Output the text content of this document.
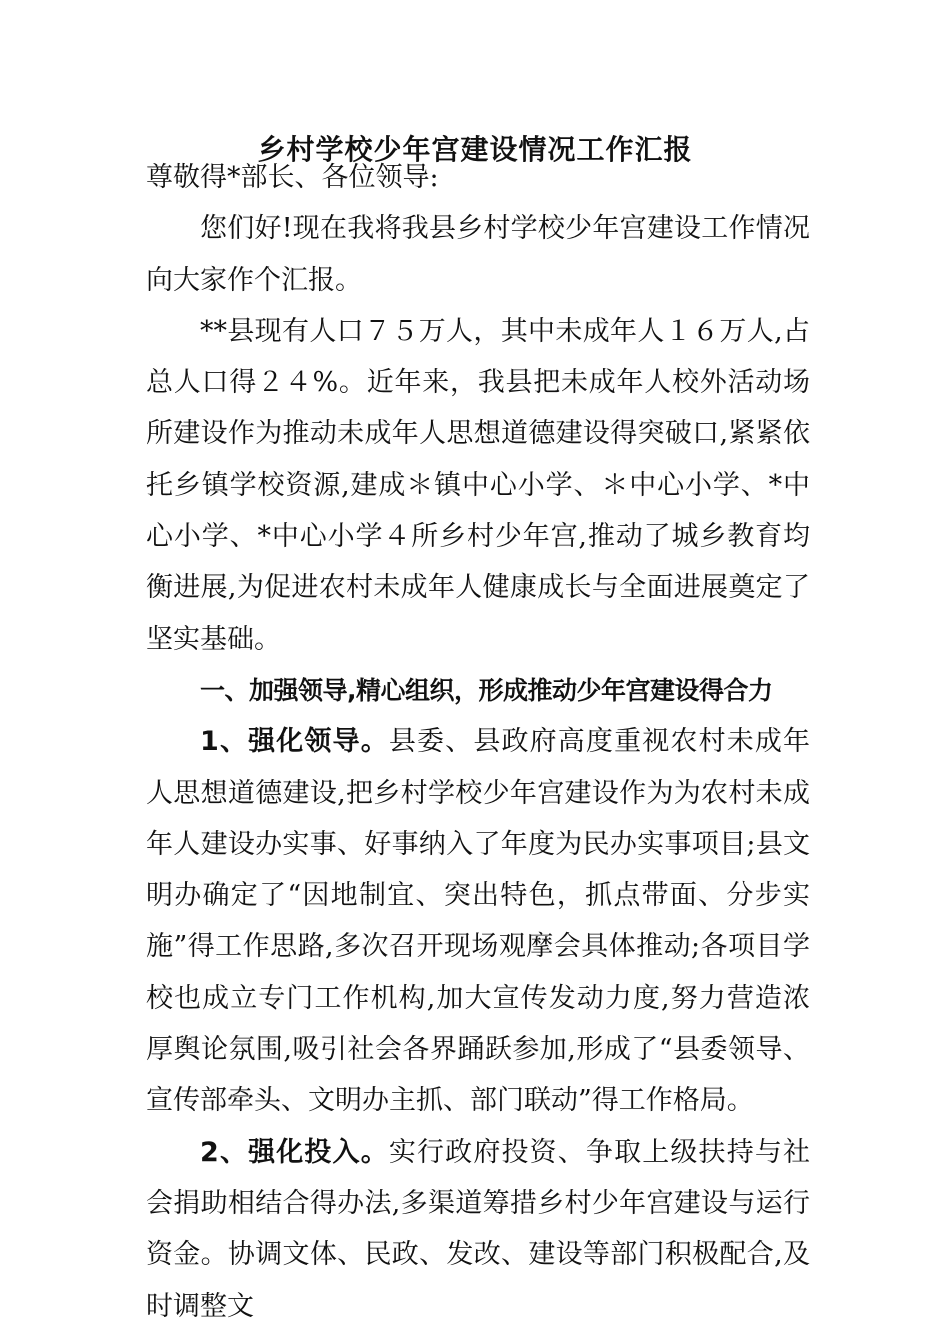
乡村学校少年宫建设情况工作汇报

尊敬得*部长、各位领导:

您们好!现在我将我县乡村学校少年宫建设工作情况向大家作个汇报。

**县现有人口７５万人，其中未成年人１６万人,占总人口得２４%。近年来，我县把未成年人校外活动场所建设作为推动未成年人思想道德建设得突破口,紧紧依托乡镇学校资源,建成＊镇中心小学、＊中心小学、*中心小学、*中心小学４所乡村少年宫,推动了城乡教育均衡进展,为促进农村未成年人健康成长与全面进展奠定了坚实基础。

一、加强领导,精心组织，形成推动少年宫建设得合力

1、强化领导。县委、县政府高度重视农村未成年人思想道德建设,把乡村学校少年宫建设作为为农村未成年人建设办实事、好事纳入了年度为民办实事项目;县文明办确定了“因地制宜、突出特色，抓点带面、分步实施”得工作思路,多次召开现场观摩会具体推动;各项目学校也成立专门工作机构,加大宣传发动力度,努力营造浓厚舆论氛围,吸引社会各界踊跃参加,形成了“县委领导、宣传部牵头、文明办主抓、部门联动”得工作格局。

2、强化投入。实行政府投资、争取上级扶持与社会捐助相结合得办法,多渠道筹措乡村少年宫建设与运行资金。协调文体、民政、发改、建设等部门积极配合,及时调整文
